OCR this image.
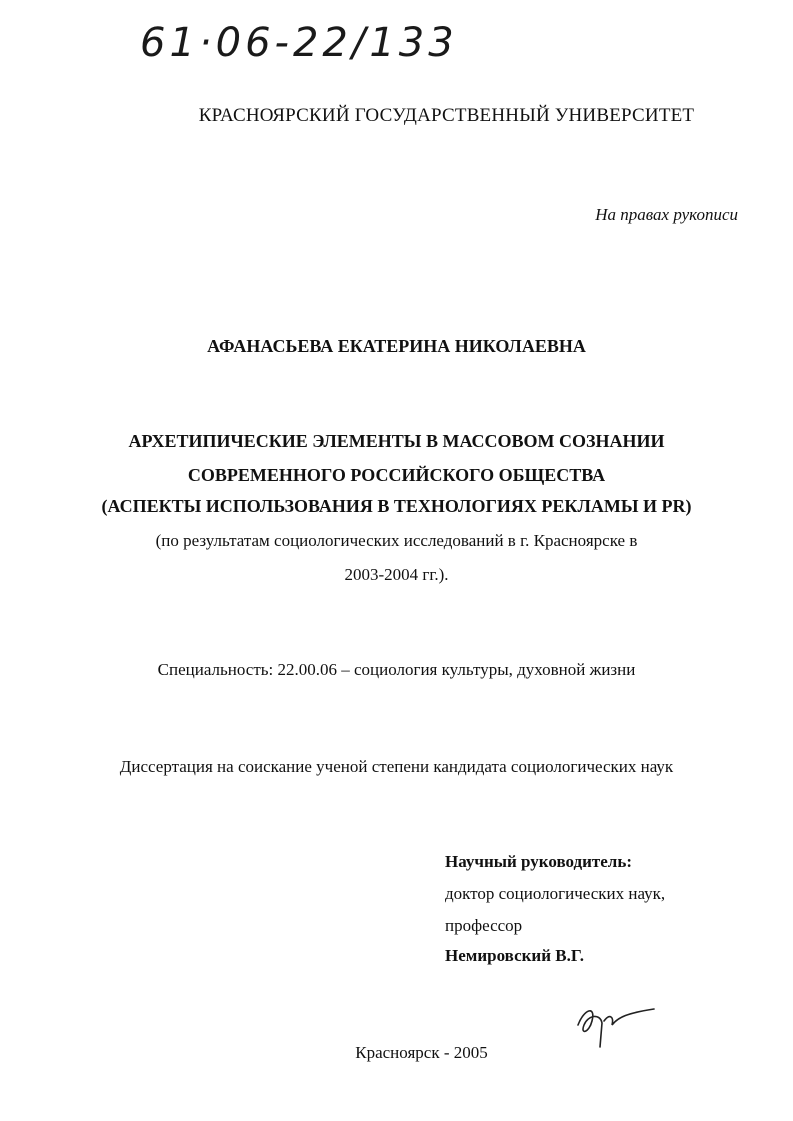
61·06-22/133
КРАСНОЯРСКИЙ ГОСУДАРСТВЕННЫЙ УНИВЕРСИТЕТ
На правах рукописи
АФАНАСЬЕВА ЕКАТЕРИНА НИКОЛАЕВНА
АРХЕТИПИЧЕСКИЕ ЭЛЕМЕНТЫ В МАССОВОМ СОЗНАНИИ
СОВРЕМЕННОГО РОССИЙСКОГО ОБЩЕСТВА
(АСПЕКТЫ ИСПОЛЬЗОВАНИЯ В ТЕХНОЛОГИЯХ РЕКЛАМЫ И PR)
(по результатам социологических исследований в г. Красноярске в
2003-2004 гг.).
Специальность: 22.00.06 – социология культуры, духовной жизни
Диссертация на соискание ученой степени кандидата социологических наук
Научный руководитель:
доктор социологических наук,
профессор
Немировский В.Г.
Красноярск - 2005
